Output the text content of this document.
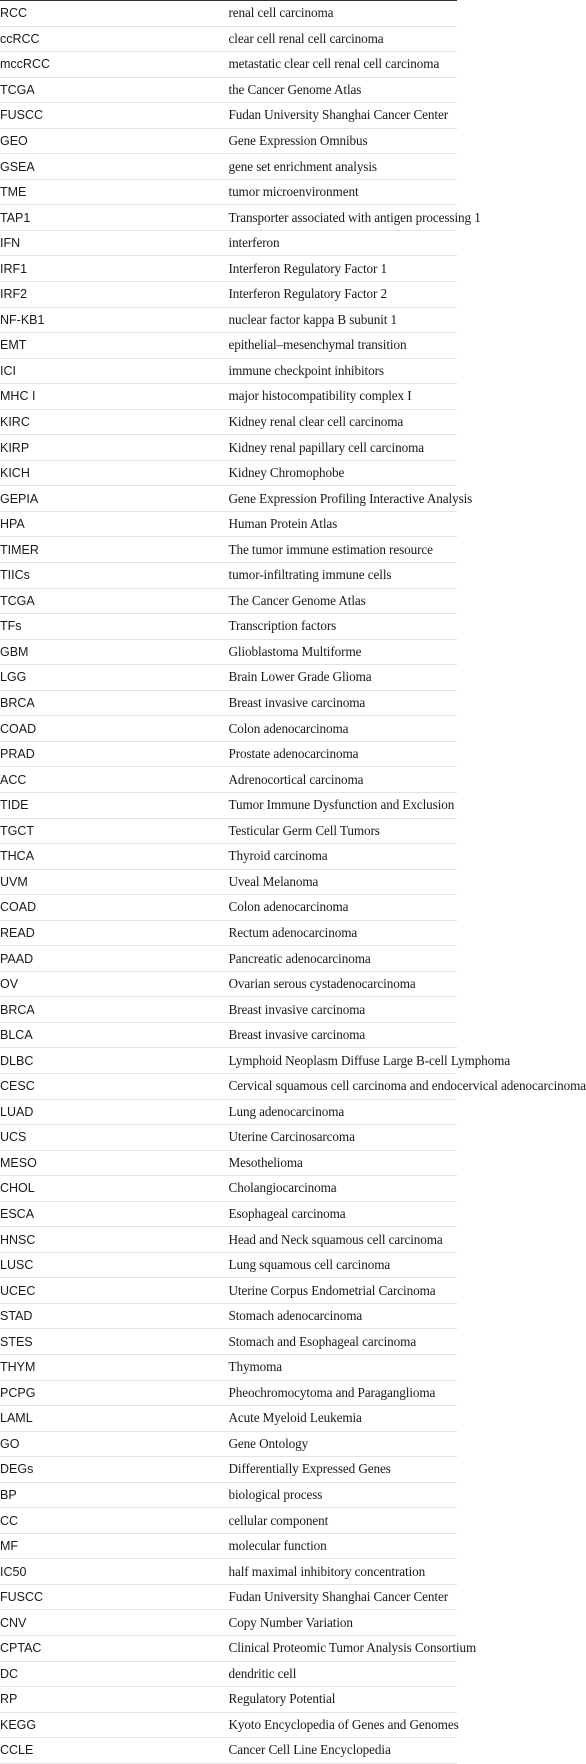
RCC	renal cell carcinoma
ccRCC	clear cell renal cell carcinoma
mccRCC	metastatic clear cell renal cell carcinoma
TCGA	the Cancer Genome Atlas
FUSCC	Fudan University Shanghai Cancer Center
GEO	Gene Expression Omnibus
GSEA	gene set enrichment analysis
TME	tumor microenvironment
TAP1	Transporter associated with antigen processing 1
IFN	interferon
IRF1	Interferon Regulatory Factor 1
IRF2	Interferon Regulatory Factor 2
NF-KB1	nuclear factor kappa B subunit 1
EMT	epithelial–mesenchymal transition
ICI	immune checkpoint inhibitors
MHC I	major histocompatibility complex I
KIRC	Kidney renal clear cell carcinoma
KIRP	Kidney renal papillary cell carcinoma
KICH	Kidney Chromophobe
GEPIA	Gene Expression Profiling Interactive Analysis
HPA	Human Protein Atlas
TIMER	The tumor immune estimation resource
TIICs	tumor-infiltrating immune cells
TCGA	The Cancer Genome Atlas
TFs	Transcription factors
GBM	Glioblastoma Multiforme
LGG	Brain Lower Grade Glioma
BRCA	Breast invasive carcinoma
COAD	Colon adenocarcinoma
PRAD	Prostate adenocarcinoma
ACC	Adrenocortical carcinoma
TIDE	Tumor Immune Dysfunction and Exclusion
TGCT	Testicular Germ Cell Tumors
THCA	Thyroid carcinoma
UVM	Uveal Melanoma
COAD	Colon adenocarcinoma
READ	Rectum adenocarcinoma
PAAD	Pancreatic adenocarcinoma
OV	Ovarian serous cystadenocarcinoma
BRCA	Breast invasive carcinoma
BLCA	Breast invasive carcinoma
DLBC	Lymphoid Neoplasm Diffuse Large B-cell Lymphoma
CESC	Cervical squamous cell carcinoma and endocervical adenocarcinoma
LUAD	Lung adenocarcinoma
UCS	Uterine Carcinosarcoma
MESO	Mesothelioma
CHOL	Cholangiocarcinoma
ESCA	Esophageal carcinoma
HNSC	Head and Neck squamous cell carcinoma
LUSC	Lung squamous cell carcinoma
UCEC	Uterine Corpus Endometrial Carcinoma
STAD	Stomach adenocarcinoma
STES	Stomach and Esophageal carcinoma
THYM	Thymoma
PCPG	Pheochromocytoma and Paraganglioma
LAML	Acute Myeloid Leukemia
GO	Gene Ontology
DEGs	Differentially Expressed Genes
BP	biological process
CC	cellular component
MF	molecular function
IC50	half maximal inhibitory concentration
FUSCC	Fudan University Shanghai Cancer Center
CNV	Copy Number Variation
CPTAC	Clinical Proteomic Tumor Analysis Consortium
DC	dendritic cell
RP	Regulatory Potential
KEGG	Kyoto Encyclopedia of Genes and Genomes
CCLE	Cancer Cell Line Encyclopedia
